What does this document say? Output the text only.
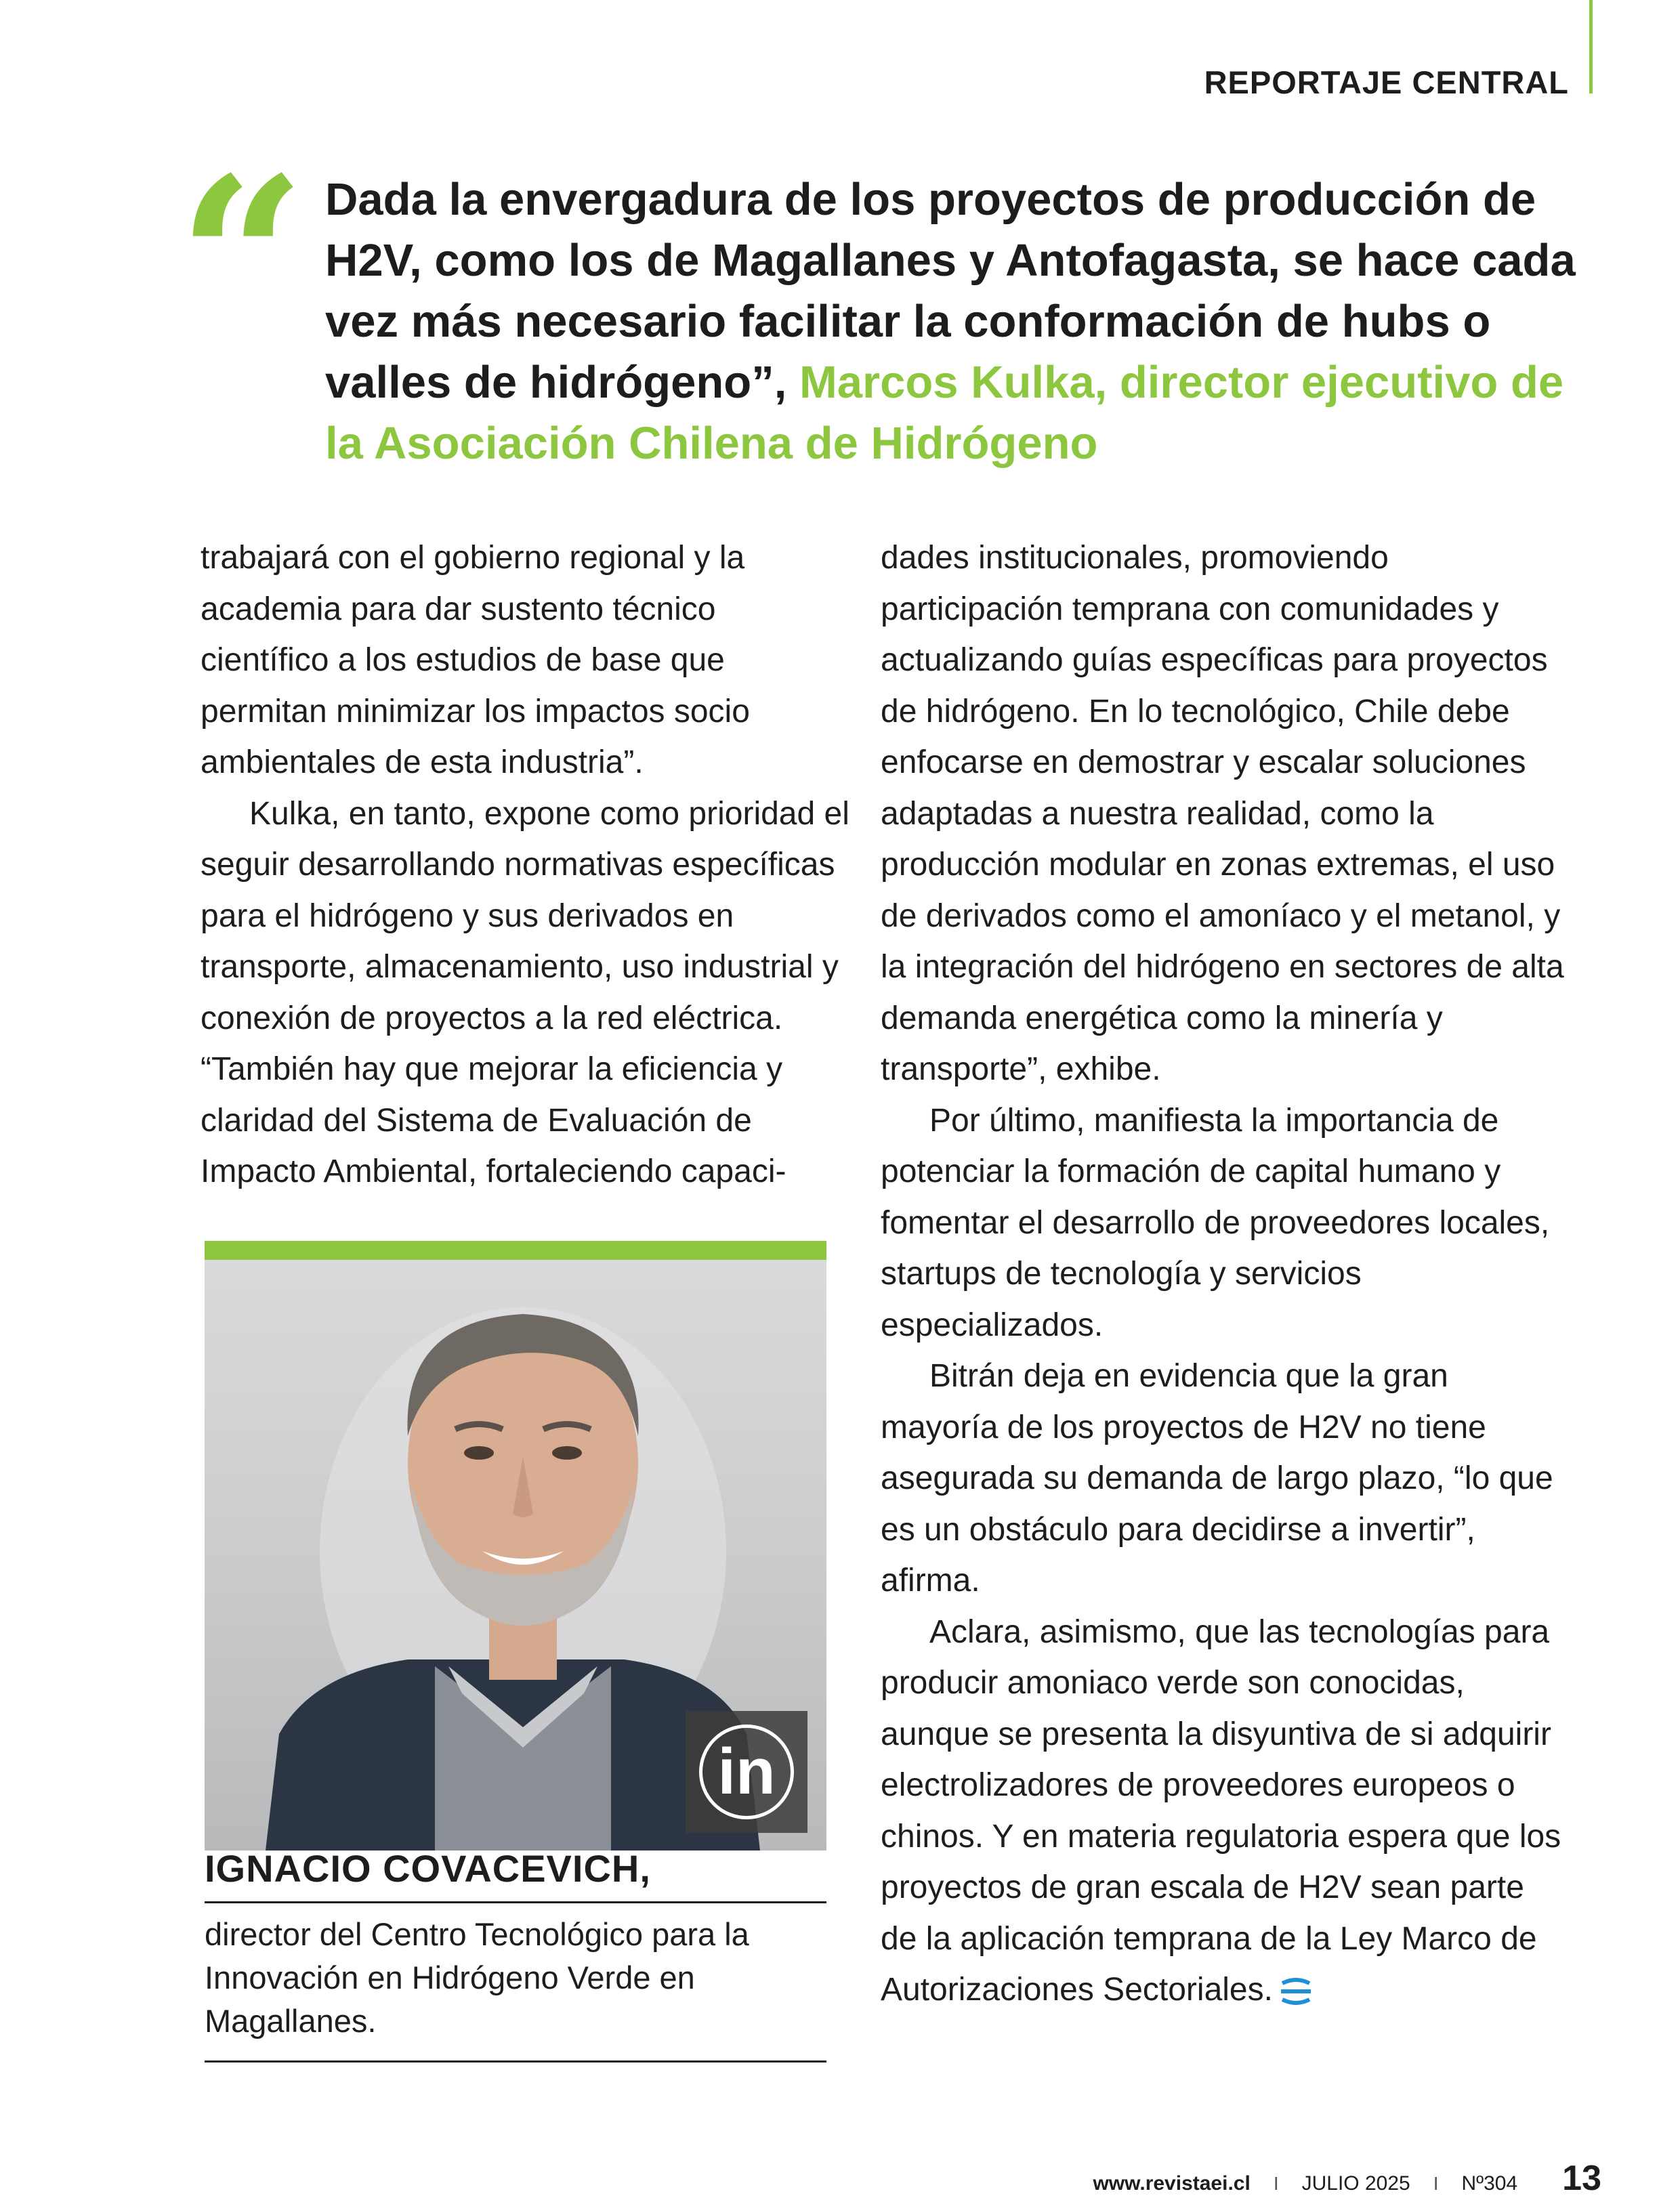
REPORTAJE CENTRAL
“ Dada la envergadura de los proyectos de producción de H2V, como los de Magallanes y Antofagasta, se hace cada vez más necesario facilitar la conformación de hubs o valles de hidrógeno”, Marcos Kulka, director ejecutivo de la Asociación Chilena de Hidrógeno

trabajará con el gobierno regional y la academia para dar sustento técnico científico a los estudios de base que permitan minimizar los impactos socio ambientales de esta industria”.

Kulka, en tanto, expone como prioridad el seguir desarrollando normativas específicas para el hidrógeno y sus derivados en transporte, almacenamiento, uso industrial y conexión de proyectos a la red eléctrica. “También hay que mejorar la eficiencia y claridad del Sistema de Evaluación de Impacto Ambiental, fortaleciendo capaci-

in
IGNACIO COVACEVICH,

director del Centro Tecnológico para la Innovación en Hidrógeno Verde en Magallanes.

dades institucionales, promoviendo participación temprana con comunidades y actualizando guías específicas para proyectos de hidrógeno. En lo tecnológico, Chile debe enfocarse en demostrar y escalar soluciones adaptadas a nuestra realidad, como la producción modular en zonas extremas, el uso de derivados como el amoníaco y el metanol, y la integración del hidrógeno en sectores de alta demanda energética como la minería y transporte”, exhibe.

Por último, manifiesta la importancia de potenciar la formación de capital humano y fomentar el desarrollo de proveedores locales, startups de tecnología y servicios especializados.

Bitrán deja en evidencia que la gran mayoría de los proyectos de H2V no tiene asegurada su demanda de largo plazo, “lo que es un obstáculo para decidirse a invertir”, afirma.

Aclara, asimismo, que las tecnologías para producir amoniaco verde son conocidas, aunque se presenta la disyuntiva de si adquirir electrolizadores de proveedores europeos o chinos. Y en materia regulatoria espera que los proyectos de gran escala de H2V sean parte de la aplicación temprana de la Ley Marco de Autorizaciones Sectoriales.

www.revistaei.cl I JULIO 2025 I Nº304 13
